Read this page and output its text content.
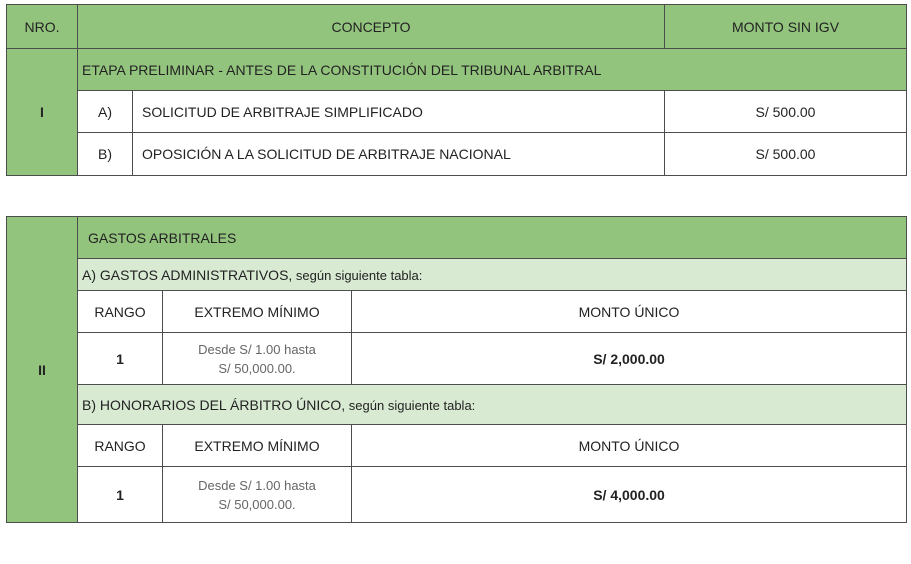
NRO.	CONCEPTO		MONTO SIN IGV
I	ETAPA PRELIMINAR - ANTES DE LA CONSTITUCIÓN DEL TRIBUNAL ARBITRAL		
	A)	SOLICITUD DE ARBITRAJE SIMPLIFICADO	S/ 500.00
	B)	OPOSICIÓN A LA SOLICITUD DE ARBITRAJE NACIONAL	S/ 500.00
II	GASTOS ARBITRALES		
	A) GASTOS ADMINISTRATIVOS, según siguiente tabla:		
	RANGO	EXTREMO MÍNIMO	MONTO ÚNICO
	1	Desde S/ 1.00 hasta
S/ 50,000.00.	S/ 2,000.00
	B) HONORARIOS DEL ÁRBITRO ÚNICO, según siguiente tabla:		
	RANGO	EXTREMO MÍNIMO	MONTO ÚNICO
	1	Desde S/ 1.00 hasta
S/ 50,000.00.	S/ 4,000.00
